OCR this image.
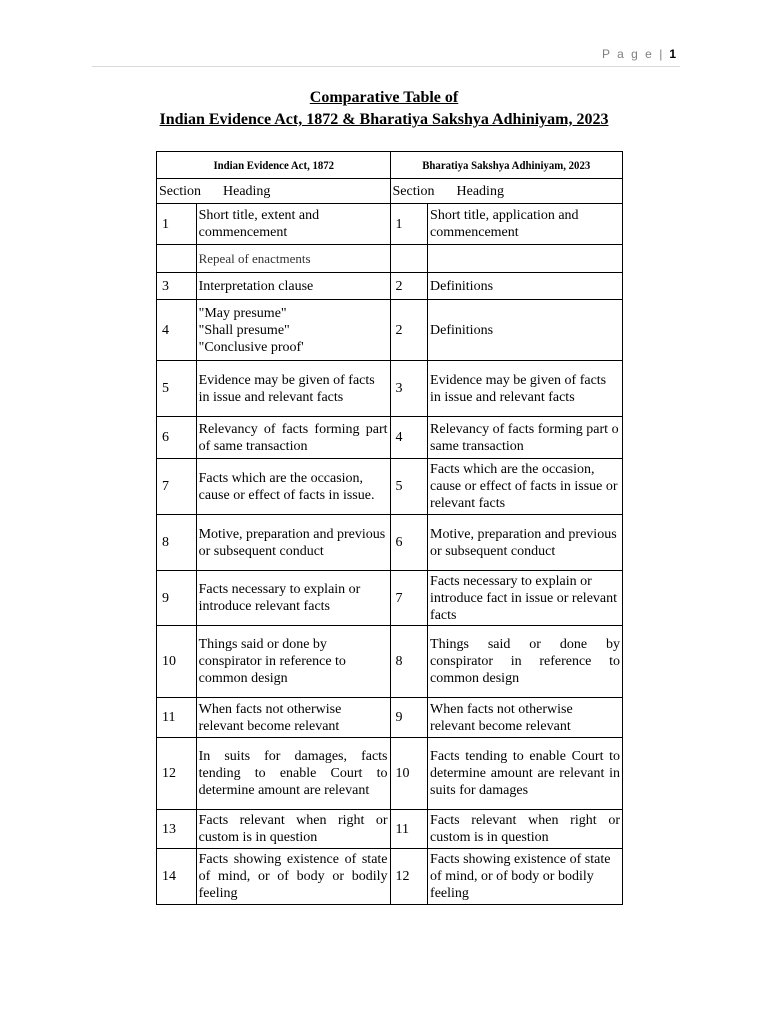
P a g e | 1
Comparative Table of
Indian Evidence Act, 1872 & Bharatiya Sakshya Adhiniyam, 2023
Indian Evidence Act, 1872		Bharatiya Sakshya Adhiniyam, 2023	
Section Heading		Section Heading	
1	Short title, extent and commencement	1	Short title, application and commencement
	Repeal of enactments		
3	Interpretation clause	2	Definitions
4	"May presume"
"Shall presume"
"Conclusive proof'	2	Definitions
5	Evidence may be given of facts in issue and relevant facts	3	Evidence may be given of facts in issue and relevant facts
6	Relevancy of facts forming part of same transaction	4	Relevancy of facts forming part o same transaction
7	Facts which are the occasion, cause or effect of facts in issue.	5	Facts which are the occasion, cause or effect of facts in issue or relevant facts
8	Motive, preparation and previous or subsequent conduct	6	Motive, preparation and previous or subsequent conduct
9	Facts necessary to explain or introduce relevant facts	7	Facts necessary to explain or introduce fact in issue or relevant facts
10	Things said or done by conspirator in reference to common design	8	Things said or done by conspirator in reference to common design
11	When facts not otherwise relevant become relevant	9	When facts not otherwise relevant become relevant
12	In suits for damages, facts tending to enable Court to determine amount are relevant	10	Facts tending to enable Court to determine amount are relevant in suits for damages
13	Facts relevant when right or custom is in question	11	Facts relevant when right or custom is in question
14	Facts showing existence of state of mind, or of body or bodily feeling	12	Facts showing existence of state of mind, or of body or bodily feeling
